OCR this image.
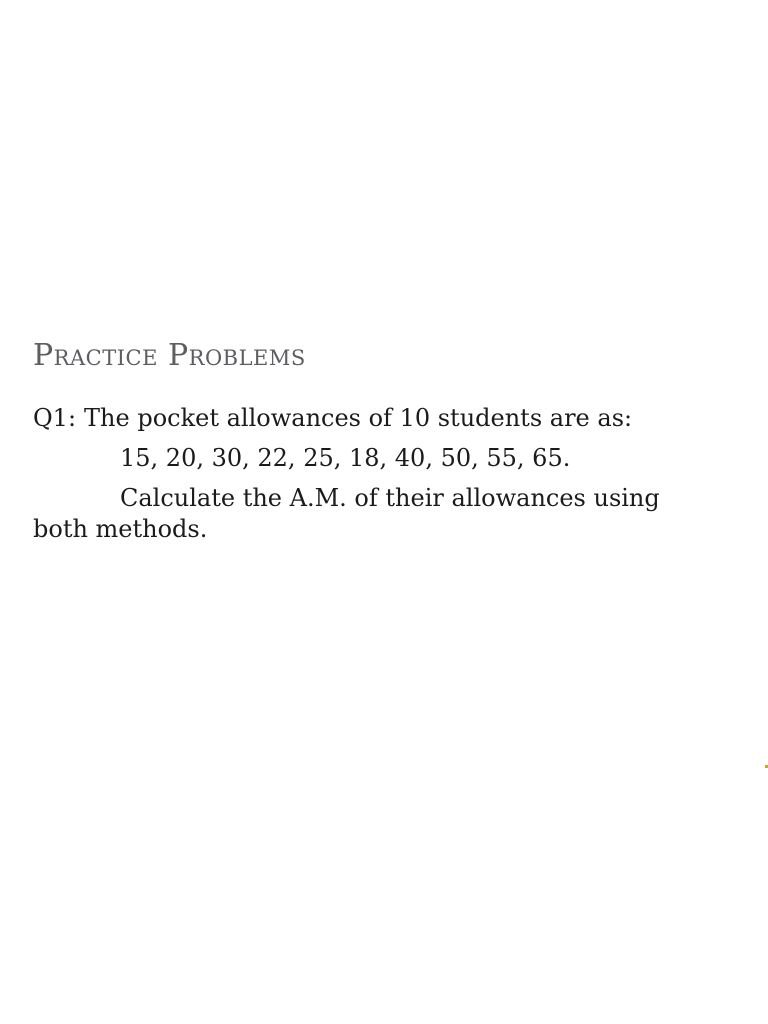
Practice Problems
Q1: The pocket allowances of 10 students are as:
15, 20, 30, 22, 25, 18, 40, 50, 55, 65.
Calculate the A.M. of their allowances using
both methods.
